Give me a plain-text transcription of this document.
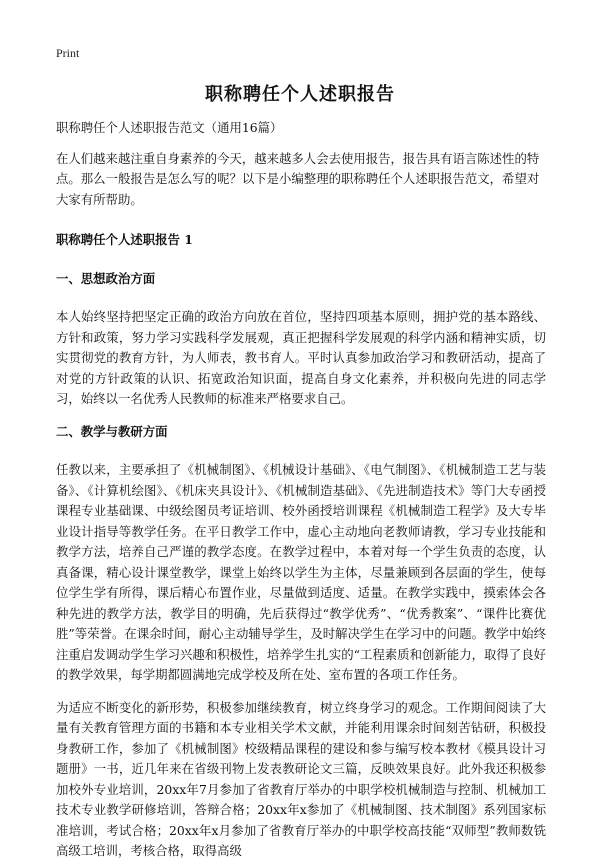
Print
职称聘任个人述职报告

职称聘任个人述职报告范文（通用16篇）

在人们越来越注重自身素养的今天，越来越多人会去使用报告，报告具有语言陈述性的特点。那么一般报告是怎么写的呢？以下是小编整理的职称聘任个人述职报告范文，希望对大家有所帮助。

职称聘任个人述职报告 1

一、思想政治方面

本人始终坚持把坚定正确的政治方向放在首位，坚持四项基本原则，拥护党的基本路线、方针和政策，努力学习实践科学发展观，真正把握科学发展观的科学内涵和精神实质，切实贯彻党的教育方针，为人师表，教书育人。平时认真参加政治学习和教研活动，提高了对党的方针政策的认识、拓宽政治知识面，提高自身文化素养，并积极向先进的同志学习，始终以一名优秀人民教师的标准来严格要求自己。

二、教学与教研方面

任教以来，主要承担了《机械制图》、《机械设计基础》、《电气制图》、《机械制造工艺与装备》、《计算机绘图》、《机床夹具设计》、《机械制造基础》、《先进制造技术》等门大专函授课程专业基础课、中级绘图员考证培训、校外函授培训课程《机械制造工程学》及大专毕业设计指导等教学任务。在平日教学工作中，虚心主动地向老教师请教，学习专业技能和教学方法，培养自己严谨的教学态度。在教学过程中，本着对每一个学生负责的态度，认真备课，精心设计课堂教学，课堂上始终以学生为主体，尽量兼顾到各层面的学生，使每位学生学有所得，课后精心布置作业，尽量做到适度、适量。在教学实践中，摸索体会各种先进的教学方法，教学目的明确，先后获得过“教学优秀”、“优秀教案”、“课件比赛优胜”等荣誉。在课余时间，耐心主动辅导学生，及时解决学生在学习中的问题。教学中始终注重启发调动学生学习兴趣和积极性，培养学生扎实的“工程素质和创新能力，取得了良好的教学效果，每学期都圆满地完成学校及所在处、室布置的各项工作任务。

为适应不断变化的新形势，积极参加继续教育，树立终身学习的观念。工作期间阅读了大量有关教育管理方面的书籍和本专业相关学术文献，并能利用课余时间刻苦钻研，积极投身教研工作，参加了《机械制图》校级精品课程的建设和参与编写校本教材《模具设计习题册》一书，近几年来在省级刊物上发表教研论文三篇，反映效果良好。此外我还积极参加校外专业培训，20xx年7月参加了省教育厅举办的中职学校机械制造与控制、机械加工技术专业教学研修培训，答辩合格；20xx年x参加了《机械制图、技术制图》系列国家标准培训，考试合格；20xx年x月参加了省教育厅举办的中职学校高技能“双师型”教师数铣高级工培训，考核合格，取得高级
